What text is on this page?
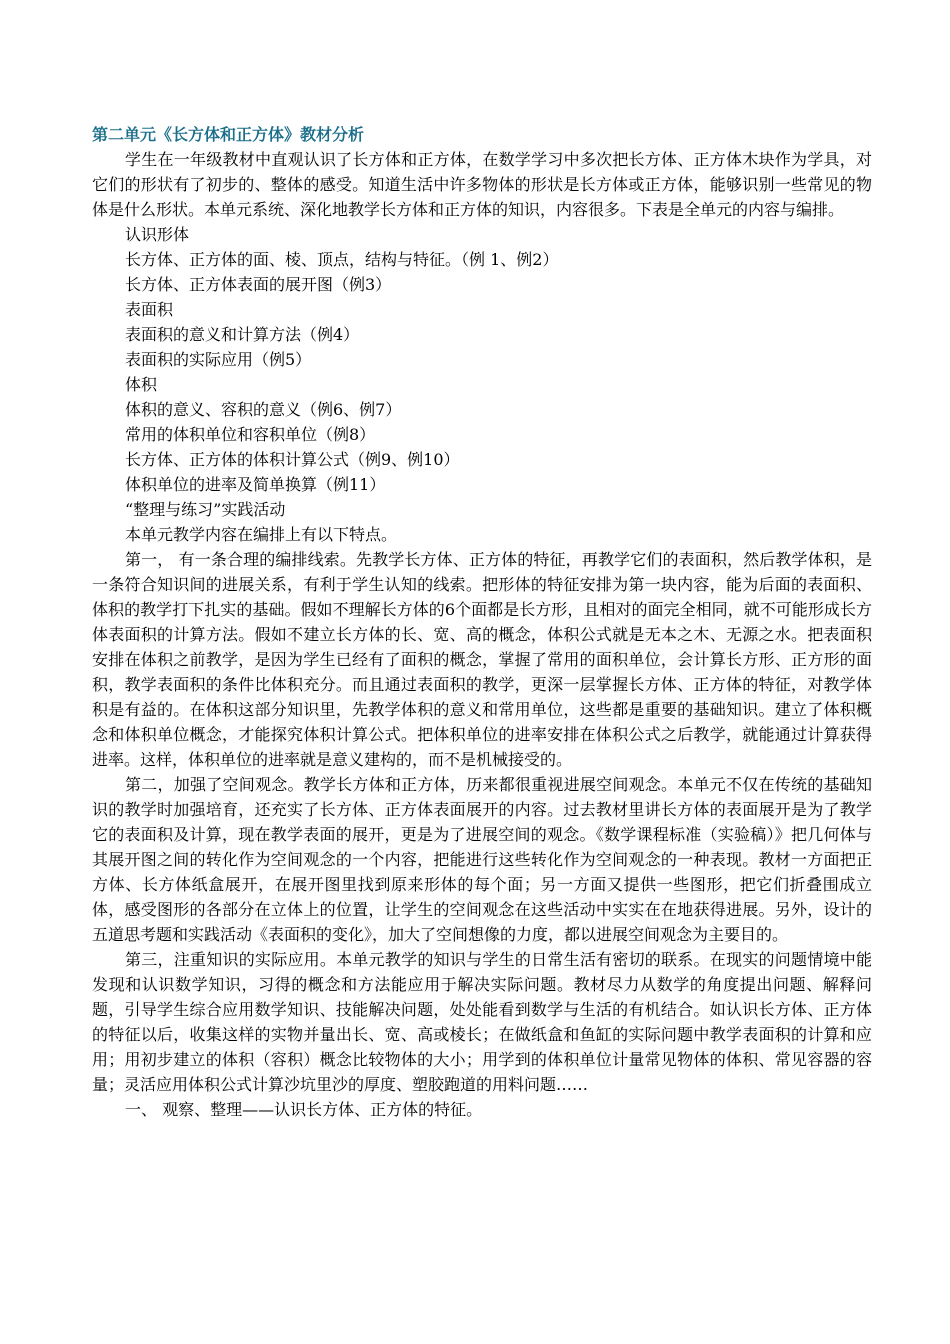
第二单元《长方体和正方体》教材分析

学生在一年级教材中直观认识了长方体和正方体，在数学学习中多次把长方体、正方体木块作为学具，对它们的形状有了初步的、整体的感受。知道生活中许多物体的形状是长方体或正方体，能够识别一些常见的物体是什么形状。本单元系统、深化地教学长方体和正方体的知识，内容很多。下表是全单元的内容与编排。

认识形体
长方体、正方体的面、棱、顶点，结构与特征。（例 1、例2）
长方体、正方体表面的展开图（例3）
表面积
表面积的意义和计算方法（例4）
表面积的实际应用（例5）
体积
体积的意义、容积的意义（例6、例7）
常用的体积单位和容积单位（例8）
长方体、正方体的体积计算公式（例9、例10）
体积单位的进率及简单换算（例11）
“整理与练习”实践活动
本单元教学内容在编排上有以下特点。

第一， 有一条合理的编排线索。先教学长方体、正方体的特征，再教学它们的表面积，然后教学体积，是一条符合知识间的进展关系，有利于学生认知的线索。把形体的特征安排为第一块内容，能为后面的表面积、体积的教学打下扎实的基础。假如不理解长方体的6个面都是长方形，且相对的面完全相同，就不可能形成长方体表面积的计算方法。假如不建立长方体的长、宽、高的概念，体积公式就是无本之木、无源之水。把表面积安排在体积之前教学，是因为学生已经有了面积的概念，掌握了常用的面积单位，会计算长方形、正方形的面积，教学表面积的条件比体积充分。而且通过表面积的教学，更深一层掌握长方体、正方体的特征，对教学体积是有益的。在体积这部分知识里，先教学体积的意义和常用单位，这些都是重要的基础知识。建立了体积概念和体积单位概念，才能探究体积计算公式。把体积单位的进率安排在体积公式之后教学，就能通过计算获得进率。这样，体积单位的进率就是意义建构的，而不是机械接受的。

第二，加强了空间观念。教学长方体和正方体，历来都很重视进展空间观念。本单元不仅在传统的基础知识的教学时加强培育，还充实了长方体、正方体表面展开的内容。过去教材里讲长方体的表面展开是为了教学它的表面积及计算，现在教学表面的展开，更是为了进展空间的观念。《数学课程标准（实验稿）》把几何体与其展开图之间的转化作为空间观念的一个内容，把能进行这些转化作为空间观念的一种表现。教材一方面把正方体、长方体纸盒展开，在展开图里找到原来形体的每个面；另一方面又提供一些图形，把它们折叠围成立体，感受图形的各部分在立体上的位置，让学生的空间观念在这些活动中实实在在地获得进展。另外，设计的五道思考题和实践活动《表面积的变化》，加大了空间想像的力度，都以进展空间观念为主要目的。

第三，注重知识的实际应用。本单元教学的知识与学生的日常生活有密切的联系。在现实的问题情境中能发现和认识数学知识，习得的概念和方法能应用于解决实际问题。教材尽力从数学的角度提出问题、解释问题，引导学生综合应用数学知识、技能解决问题，处处能看到数学与生活的有机结合。如认识长方体、正方体的特征以后，收集这样的实物并量出长、宽、高或棱长；在做纸盒和鱼缸的实际问题中教学表面积的计算和应用；用初步建立的体积（容积）概念比较物体的大小；用学到的体积单位计量常见物体的体积、常见容器的容量；灵活应用体积公式计算沙坑里沙的厚度、塑胶跑道的用料问题……

一、 观察、整理——认识长方体、正方体的特征。
